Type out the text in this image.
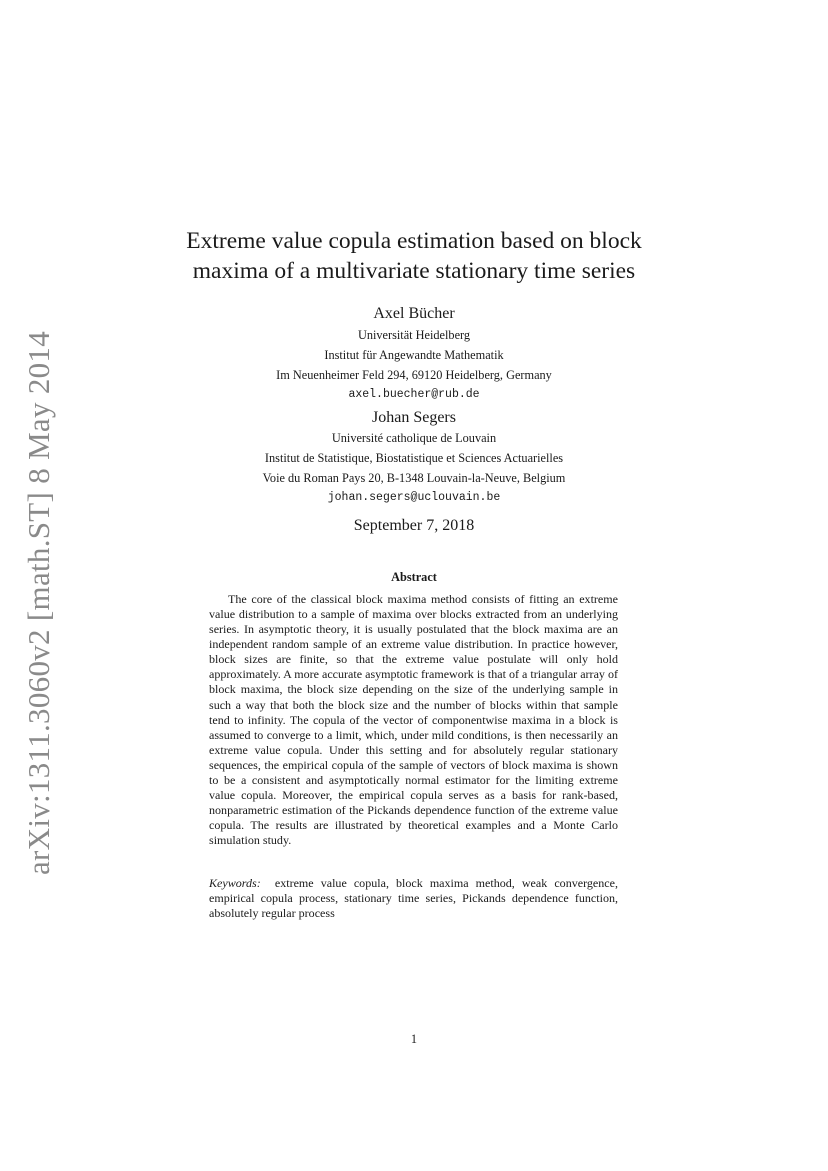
arXiv:1311.3060v2 [math.ST] 8 May 2014
Extreme value copula estimation based on block
maxima of a multivariate stationary time series
Axel Bücher
Universität Heidelberg
Institut für Angewandte Mathematik
Im Neuenheimer Feld 294, 69120 Heidelberg, Germany
axel.buecher@rub.de
Johan Segers
Université catholique de Louvain
Institut de Statistique, Biostatistique et Sciences Actuarielles
Voie du Roman Pays 20, B-1348 Louvain-la-Neuve, Belgium
johan.segers@uclouvain.be
September 7, 2018
Abstract

The core of the classical block maxima method consists of fitting an extreme value distribution to a sample of maxima over blocks extracted from an underlying series. In asymptotic theory, it is usually postulated that the block maxima are an independent random sample of an extreme value distribution. In practice however, block sizes are finite, so that the extreme value postulate will only hold approximately. A more accurate asymptotic framework is that of a triangular array of block maxima, the block size depending on the size of the underlying sample in such a way that both the block size and the number of blocks within that sample tend to infinity. The copula of the vector of componentwise maxima in a block is assumed to converge to a limit, which, under mild conditions, is then necessarily an extreme value copula. Under this setting and for absolutely regular stationary sequences, the empirical copula of the sample of vectors of block maxima is shown to be a consistent and asymptotically normal estimator for the limiting extreme value copula. Moreover, the empirical copula serves as a basis for rank-based, nonparametric estimation of the Pickands dependence function of the extreme value copula. The results are illustrated by theoretical examples and a Monte Carlo simulation study.

Keywords: extreme value copula, block maxima method, weak convergence, empirical copula process, stationary time series, Pickands dependence function, absolutely regular process

1
